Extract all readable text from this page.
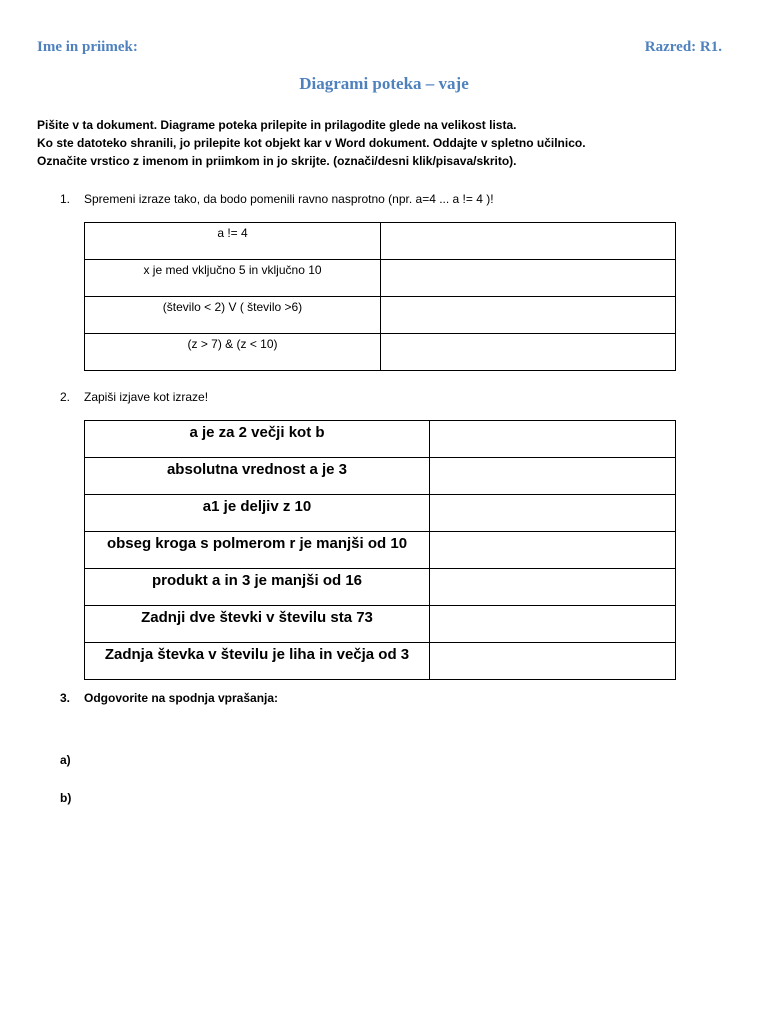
Ime in priimek:	Razred: R1.
Diagrami poteka – vaje
Pišite v ta dokument. Diagrame poteka prilepite in prilagodite glede na velikost lista.
Ko ste datoteko shranili, jo prilepite kot objekt kar v Word dokument. Oddajte v spletno učilnico.
Označite vrstico z imenom in priimkom in jo skrijte. (označi/desni klik/pisava/skrito).
1. Spremeni izraze tako, da bodo pomenili ravno nasprotno (npr. a=4 ... a != 4 )!
a != 4	
x je med vključno 5 in vključno 10	
(število < 2) V ( število >6)	
(z > 7) & (z < 10)	
2. Zapiši izjave kot izraze!
a je za 2 večji kot b	
absolutna vrednost a je 3	
a1 je deljiv z 10	
obseg kroga s polmerom r je manjši od 10	
produkt a in 3 je manjši od 16	
Zadnji dve števki v številu sta 73	
Zadnja števka v številu je liha in večja od 3	
3. Odgovorite na spodnja vprašanja:
a)
b)
